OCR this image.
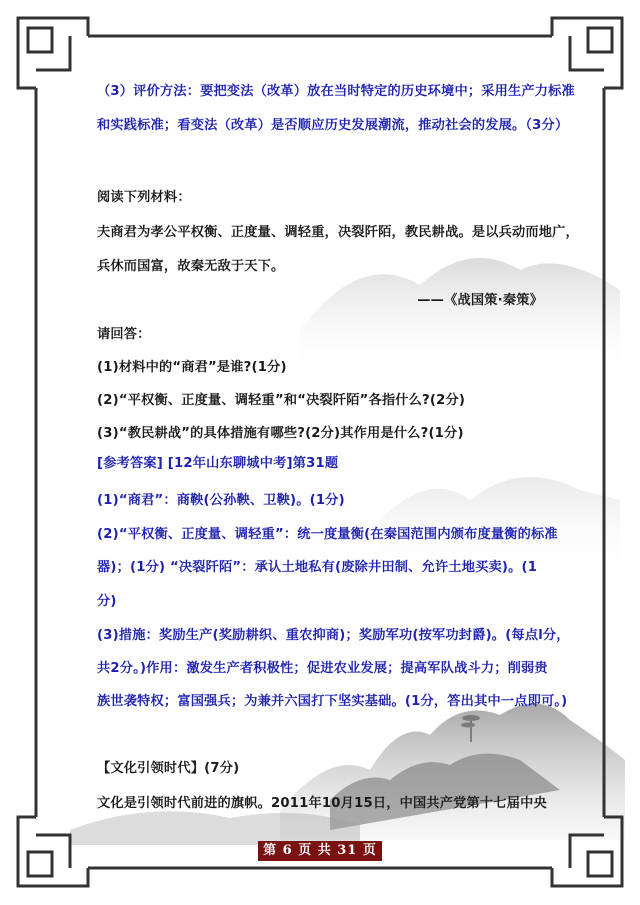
（3）评价方法：要把变法（改革）放在当时特定的历史环境中；采用生产力标准

和实践标准；看变法（改革）是否顺应历史发展潮流，推动社会的发展。（3分）

阅读下列材料：

夫商君为孝公平权衡、正度量、调轻重，决裂阡陌，教民耕战。是以兵动而地广，

兵休而国富，故秦无敌于天下。

——《战国策·秦策》

请回答：

(1)材料中的“商君”是谁?(1分)

(2)“平权衡、正度量、调轻重”和“决裂阡陌”各指什么?(2分)

(3)“教民耕战”的具体措施有哪些?(2分)其作用是什么?(1分)

[参考答案] [12年山东聊城中考]第31题

(1)“商君”：商鞅(公孙鞅、卫鞅)。(1分)

(2)“平权衡、正度量、调轻重”：统一度量衡(在秦国范围内颁布度量衡的标准

器)；(1分) “决裂阡陌”：承认土地私有(废除井田制、允许土地买卖)。(1

分)

(3)措施：奖励生产(奖励耕织、重农抑商)；奖励军功(按军功封爵)。(每点l分，

共2分。)作用：激发生产者积极性；促进农业发展；提高军队战斗力；削弱贵

族世袭特权；富国强兵；为兼并六国打下坚实基础。(1分，答出其中一点即可。)

【文化引领时代】(7分)

文化是引领时代前进的旗帜。2011年10月15日，中国共产党第十七届中央

第 6 页 共 31 页
